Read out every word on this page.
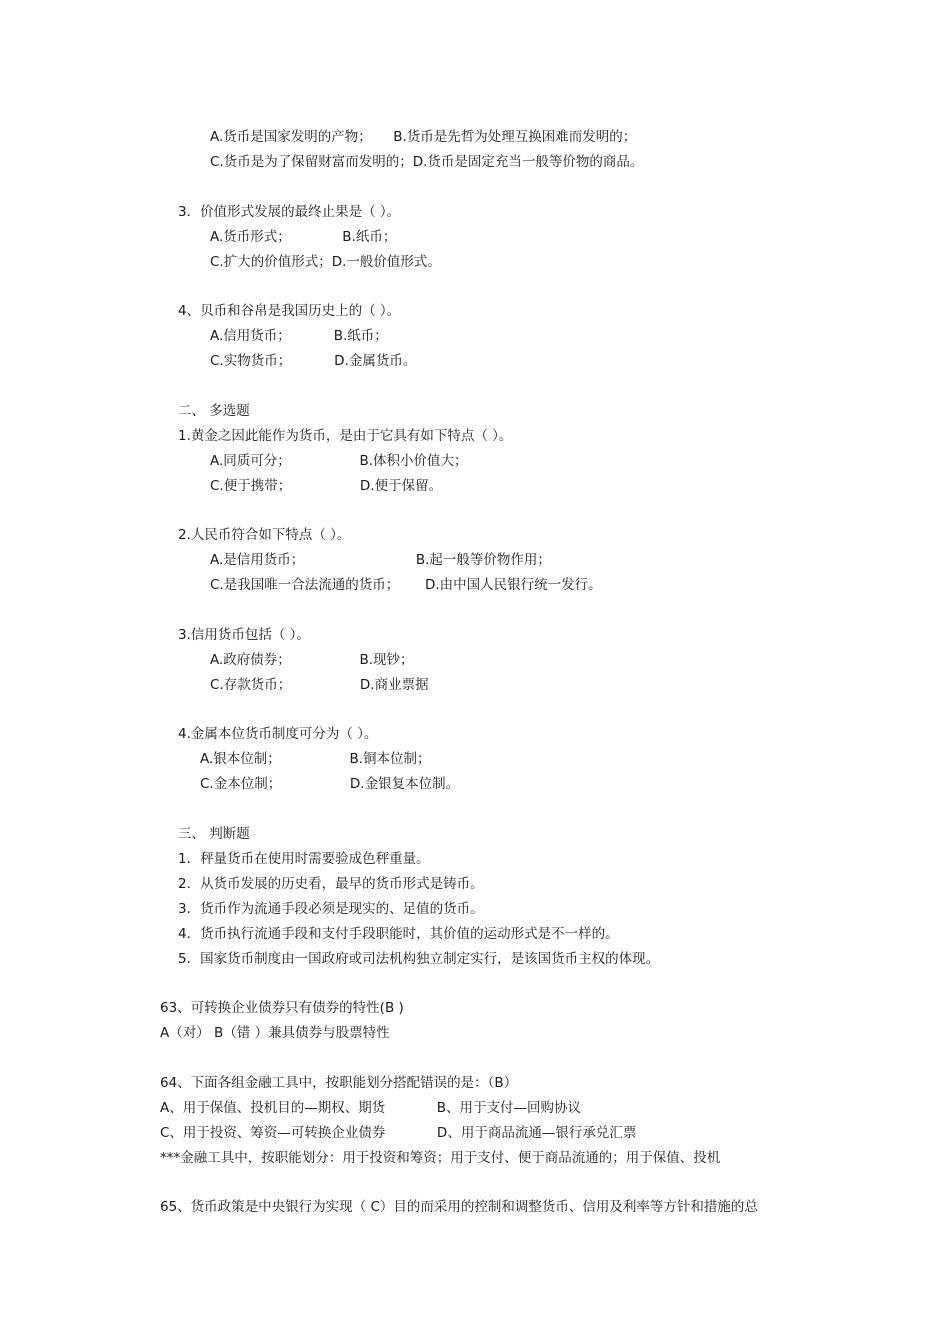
A.货币是国家发明的产物；     B.货币是先哲为处理互换困难而发明的；
C.货币是为了保留财富而发明的；D.货币是固定充当一般等价物的商品。
3．价值形式发展的最终止果是（ ）。
A.货币形式；            B.纸币；
C.扩大的价值形式；D.一般价值形式。
4、贝币和谷帛是我国历史上的（ ）。
A.信用货币；          B.纸币；
C.实物货币；          D.金属货币。
二、 多选题
1.黄金之因此能作为货币，是由于它具有如下特点（ ）。
A.同质可分；                B.体积小价值大；
C.便于携带；                D.便于保留。
2.人民币符合如下特点（ ）。
A.是信用货币；                          B.起一般等价物作用；
C.是我国唯一合法流通的货币；      D.由中国人民银行统一发行。
3.信用货币包括（ ）。
A.政府债券；                B.现钞；
C.存款货币；                D.商业票据
4.金属本位货币制度可分为（ ）。
A.银本位制；                B.铜本位制；
C.金本位制；                D.金银复本位制。
三、 判断题
1．秤量货币在使用时需要验成色秤重量。
2．从货币发展的历史看，最早的货币形式是铸币。
3．货币作为流通手段必须是现实的、足值的货币。
4．货币执行流通手段和支付手段职能时，其价值的运动形式是不一样的。
5．国家货币制度由一国政府或司法机构独立制定实行，是该国货币主权的体现。
63、可转换企业债券只有债券的特性(B )
A（对） B（错 ）兼具债券与股票特性
64、下面各组金融工具中，按职能划分搭配错误的是：（B）
A、用于保值、投机目的—期权、期货            B、用于支付—回购协议
C、用于投资、筹资—可转换企业债券            D、用于商品流通—银行承兑汇票
***金融工具中，按职能划分：用于投资和筹资；用于支付、便于商品流通的；用于保值、投机
65、货币政策是中央银行为实现（ C）目的而采用的控制和调整货币、信用及利率等方针和措施的总
